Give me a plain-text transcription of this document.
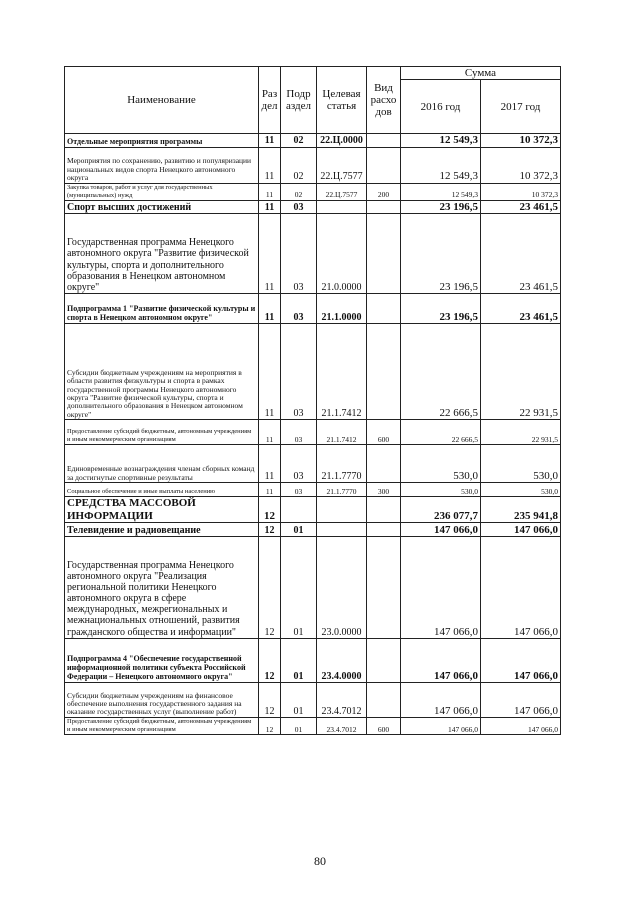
Наименование	Раз дел	Подр аздел	Целевая статья	Вид расхо дов	Сумма	
					2016 год	2017 год
Отдельные мероприятия программы	11	02	22.Ц.0000		12 549,3	10 372,3
Мероприятия по сохранению, развитию и популяризации национальных видов спорта Ненецкого автономного округа	11	02	22.Ц.7577		12 549,3	10 372,3
Закупка товаров, работ и услуг для государственных (муниципальных) нужд	11	02	22.Ц.7577	200	12 549,3	10 372,3
Спорт высших достижений	11	03			23 196,5	23 461,5
Государственная программа Ненецкого автономного округа "Развитие физической культуры, спорта и дополнительного образования в Ненецком автономном округе"	11	03	21.0.0000		23 196,5	23 461,5
Подпрограмма 1 "Развитие физической культуры и спорта в Ненецком автономном округе"	11	03	21.1.0000		23 196,5	23 461,5
Субсидии бюджетным учреждениям на мероприятия в области развития физкультуры и спорта в рамках государственной программы Ненецкого автономного округа "Развитие физической культуры, спорта и дополнительного образования в Ненецком автономном округе"	11	03	21.1.7412		22 666,5	22 931,5
Предоставление субсидий бюджетным, автономным учреждениям и иным некоммерческим организациям	11	03	21.1.7412	600	22 666,5	22 931,5
Единовременные вознаграждения членам сборных команд за достигнутые спортивные результаты	11	03	21.1.7770		530,0	530,0
Социальное обеспечение и иные выплаты населению	11	03	21.1.7770	300	530,0	530,0
СРЕДСТВА МАССОВОЙ ИНФОРМАЦИИ	12				236 077,7	235 941,8
Телевидение и радиовещание	12	01			147 066,0	147 066,0
Государственная программа Ненецкого автономного округа "Реализация региональной политики Ненецкого автономного округа в сфере международных, межрегиональных и межнациональных отношений, развития гражданского общества и информации"	12	01	23.0.0000		147 066,0	147 066,0
Подпрограмма 4 "Обеспечение государственной информационной политики субъекта Российской Федерации – Ненецкого автономного округа"	12	01	23.4.0000		147 066,0	147 066,0
Субсидии бюджетным учреждениям на финансовое обеспечение выполнения государственного задания на оказание государственных услуг (выполнение работ)	12	01	23.4.7012		147 066,0	147 066,0
Предоставление субсидий бюджетным, автономным учреждениям и иным некоммерческим организациям	12	01	23.4.7012	600	147 066,0	147 066,0
80
